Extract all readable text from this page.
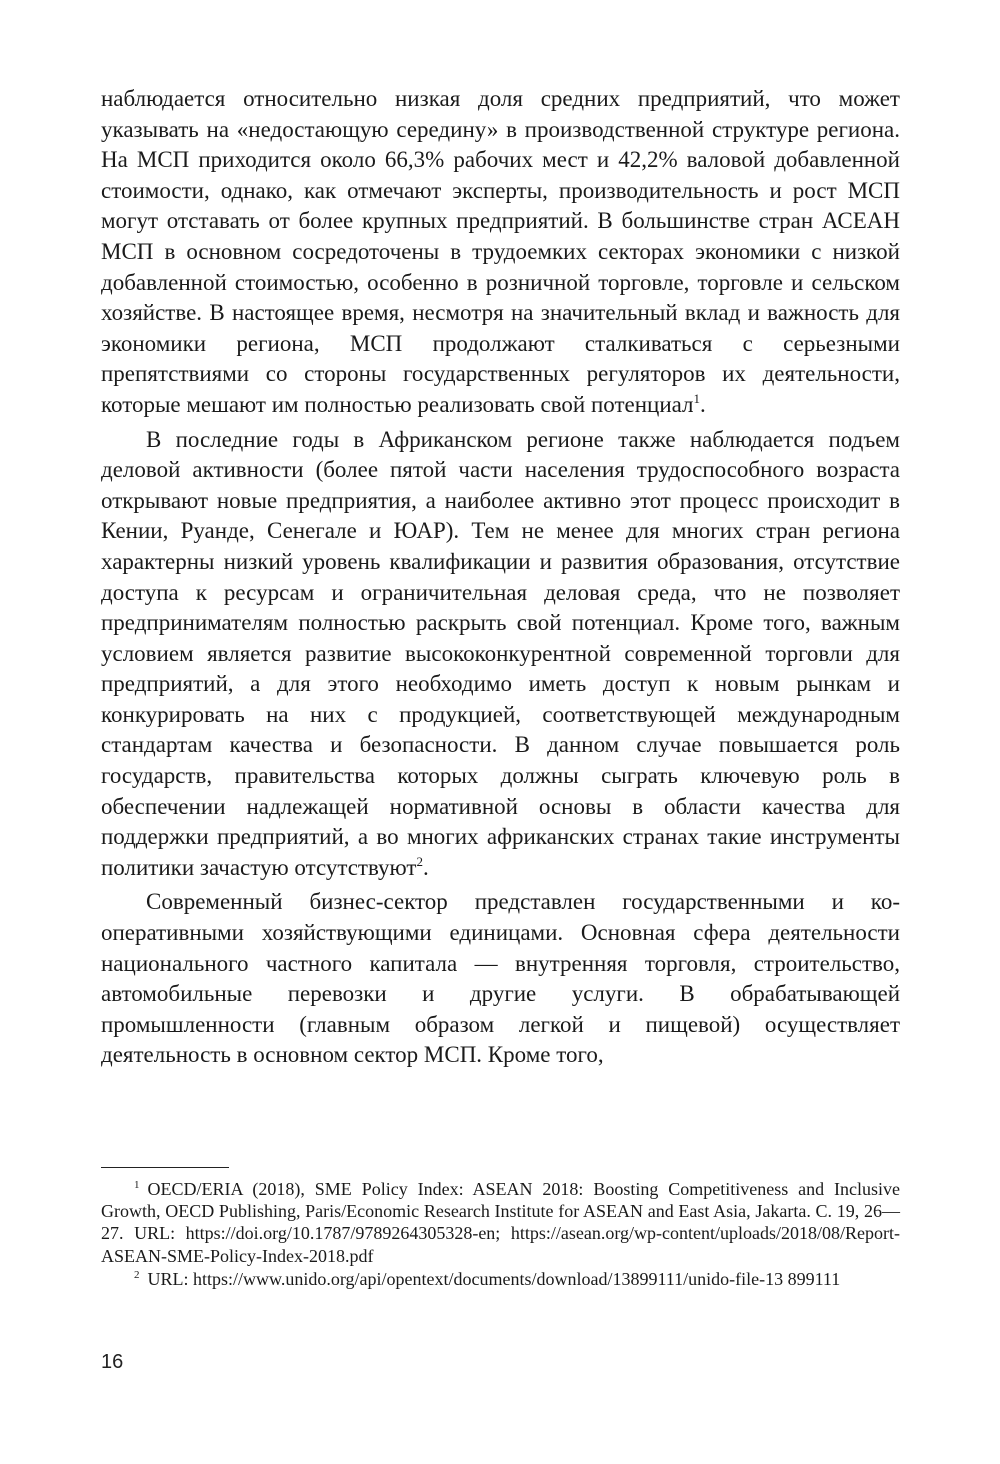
наблюдается относительно низкая доля средних предприятий, что может указывать на «недостающую середину» в производственной структуре региона. На МСП приходится около 66,3% рабочих мест и 42,2% валовой добавленной стоимости, однако, как отмечают эксперты, производительность и рост МСП могут отставать от более крупных предприятий. В большинстве стран АСЕАН МСП в основном сосредоточены в трудоемких секторах экономики с низкой добавленной стоимостью, особенно в розничной торговле, торговле и сельском хозяйстве. В настоящее время, несмотря на значительный вклад и важность для экономики региона, МСП продолжают сталкиваться с серьезными препятствиями со стороны государственных регуляторов их деятельности, которые мешают им полностью реализовать свой потенциал$^1$.

В последние годы в Африканском регионе также наблюдается подъем деловой активности (более пятой части населения трудоспособного возраста открывают новые предприятия, а наиболее активно этот процесс происходит в Кении, Руанде, Сенегале и ЮАР). Тем не менее для многих стран региона характерны низкий уровень квалификации и развития образования, отсутствие доступа к ресурсам и ограничительная деловая среда, что не позволяет предпринимателям полностью раскрыть свой потенциал. Кроме того, важным условием является развитие высококонкурентной современной торговли для предприятий, а для этого необходимо иметь доступ к новым рынкам и конкурировать на них с продукцией, соответствующей международным стандартам качества и безопасности. В данном случае повышается роль государств, правительства которых должны сыграть ключевую роль в обеспечении надлежащей нормативной основы в области качества для поддержки предприятий, а во многих африканских странах такие инструменты политики зачастую отсутствуют$^2$.

Современный бизнес-сектор представлен государственными и кооперативными хозяйствующими единицами. Основная сфера деятельности национального частного капитала — внутренняя торговля, строительство, автомобильные перевозки и другие услуги. В обрабатывающей промышленности (главным образом легкой и пищевой) осуществляет деятельность в основном сектор МСП. Кроме того,

$^1$ OECD/ERIA (2018), SME Policy Index: ASEAN 2018: Boosting Competitiveness and Inclusive Growth, OECD Publishing, Paris/Economic Research Institute for ASEAN and East Asia, Jakarta. С. 19, 26—27. URL: https://doi.org/10.1787/9789264305328-en; https://asean.​org/wp-content/uploads/2018/08/Report-ASEAN-SME-Policy-Index-2018.pdf

$^2$ URL: https://www.unido.org/api/opentext/documents/download/13899111/unido-file-​13 899111

16
